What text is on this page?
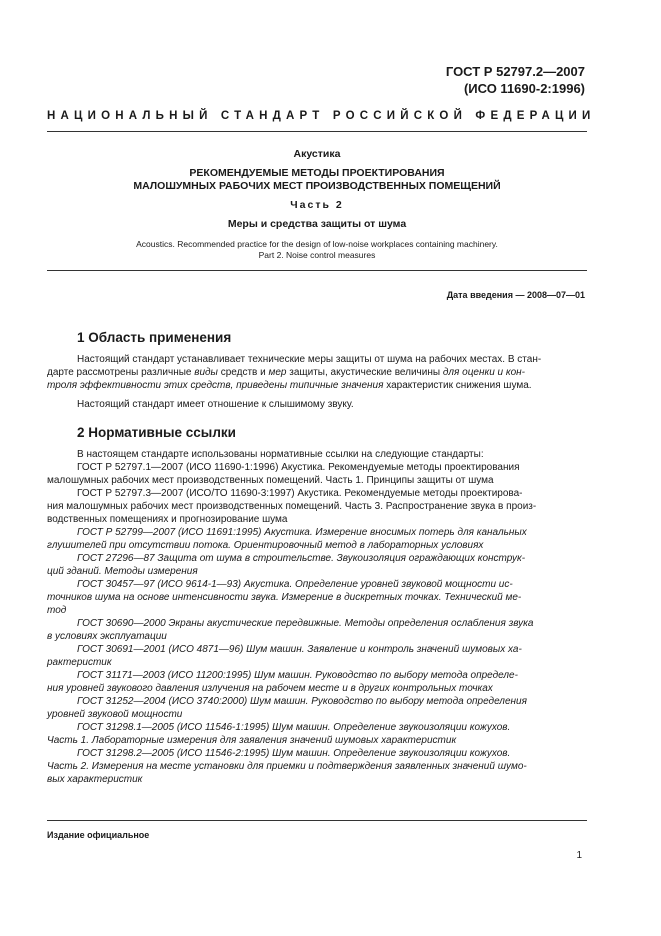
ГОСТ Р 52797.2—2007
(ИСО 11690-2:1996)
НАЦИОНАЛЬНЫЙ СТАНДАРТ РОССИЙСКОЙ ФЕДЕРАЦИИ
Акустика
РЕКОМЕНДУЕМЫЕ МЕТОДЫ ПРОЕКТИРОВАНИЯ
МАЛОШУМНЫХ РАБОЧИХ МЕСТ ПРОИЗВОДСТВЕННЫХ ПОМЕЩЕНИЙ
Часть 2
Меры и средства защиты от шума
Acoustics. Recommended practice for the design of low-noise workplaces containing machinery.
Part 2. Noise control measures
Дата введения — 2008—07—01
1 Область применения
Настоящий стандарт устанавливает технические меры защиты от шума на рабочих местах. В стан-
дарте рассмотрены различные виды средств и мер защиты, акустические величины для оценки и кон-
троля эффективности этих средств, приведены типичные значения характеристик снижения шума.
Настоящий стандарт имеет отношение к слышимому звуку.
2 Нормативные ссылки
В настоящем стандарте использованы нормативные ссылки на следующие стандарты:
ГОСТ Р 52797.1—2007 (ИСО 11690-1:1996) Акустика. Рекомендуемые методы проектирования
малошумных рабочих мест производственных помещений. Часть 1. Принципы защиты от шума
ГОСТ Р 52797.3—2007 (ИСО/ТО 11690-3:1997) Акустика. Рекомендуемые методы проектирова-
ния малошумных рабочих мест производственных помещений. Часть 3. Распространение звука в произ-
водственных помещениях и прогнозирование шума
ГОСТ Р 52799—2007 (ИСО 11691:1995) Акустика. Измерение вносимых потерь для канальных
глушителей при отсутствии потока. Ориентировочный метод в лабораторных условиях
ГОСТ 27296—87 Защита от шума в строительстве. Звукоизоляция ограждающих конструк-
ций зданий. Методы измерения
ГОСТ 30457—97 (ИСО 9614-1—93) Акустика. Определение уровней звуковой мощности ис-
точников шума на основе интенсивности звука. Измерение в дискретных точках. Технический ме-
тод
ГОСТ 30690—2000 Экраны акустические передвижные. Методы определения ослабления звука
в условиях эксплуатации
ГОСТ 30691—2001 (ИСО 4871—96) Шум машин. Заявление и контроль значений шумовых ха-
рактеристик
ГОСТ 31171—2003 (ИСО 11200:1995) Шум машин. Руководство по выбору метода определе-
ния уровней звукового давления излучения на рабочем месте и в других контрольных точках
ГОСТ 31252—2004 (ИСО 3740:2000) Шум машин. Руководство по выбору метода определения
уровней звуковой мощности
ГОСТ 31298.1—2005 (ИСО 11546-1:1995) Шум машин. Определение звукоизоляции кожухов.
Часть 1. Лабораторные измерения для заявления значений шумовых характеристик
ГОСТ 31298.2—2005 (ИСО 11546-2:1995) Шум машин. Определение звукоизоляции кожухов.
Часть 2. Измерения на месте установки для приемки и подтверждения заявленных значений шумо-
вых характеристик
Издание официальное
1
